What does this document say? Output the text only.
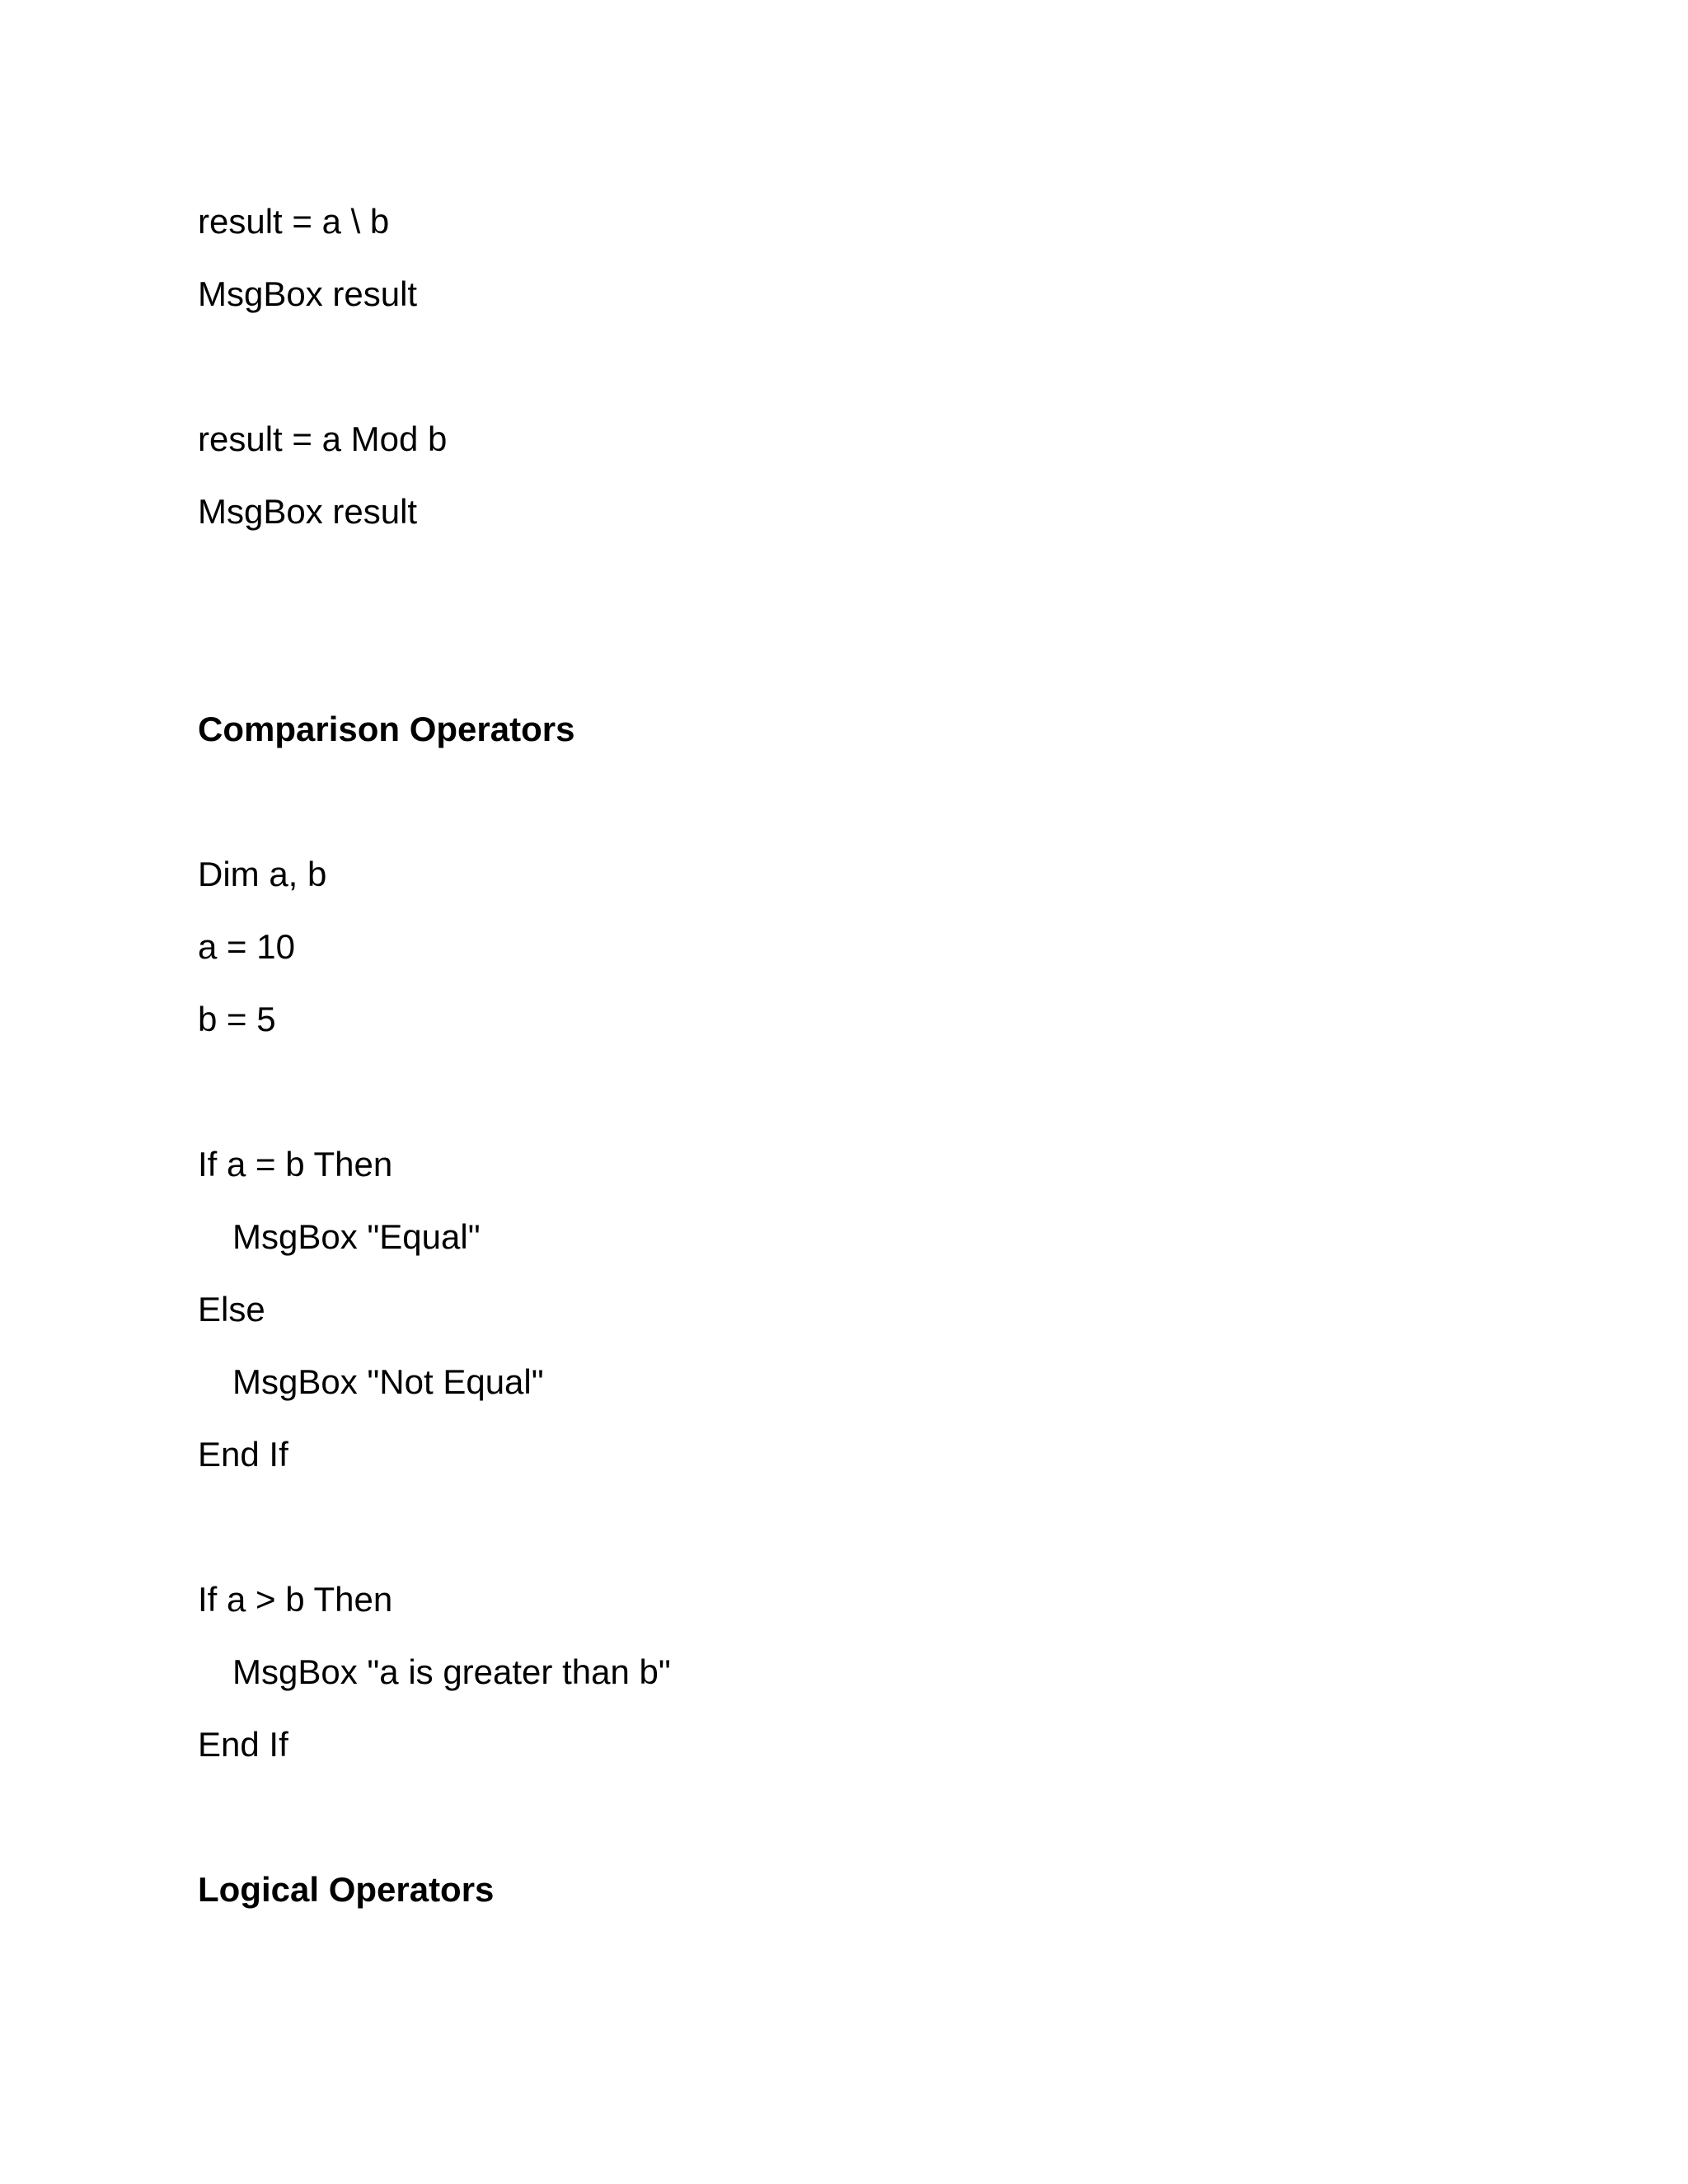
result = a \ b

MsgBox result

result = a Mod b

MsgBox result

Comparison Operators

Dim a, b

a = 10

b = 5

If a = b Then

MsgBox "Equal"

Else

MsgBox "Not Equal"

End If

If a > b Then

MsgBox "a is greater than b"

End If

Logical Operators
